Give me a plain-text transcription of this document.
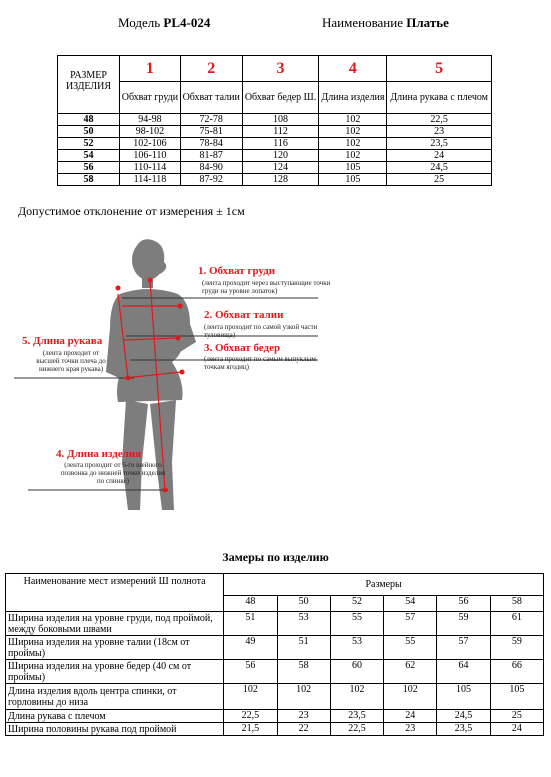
Модель PL4-024	Наименование Платье
РАЗМЕР ИЗДЕЛИЯ	1	2	3	4	5
	Обхват груди	Обхват талии	Обхват бедер Ш.	Длина изделия	Длина рукава с плечом
48	94-98	72-78	108	102	22,5
50	98-102	75-81	112	102	23
52	102-106	78-84	116	102	23,5
54	106-110	81-87	120	102	24
56	110-114	84-90	124	105	24,5
58	114-118	87-92	128	105	25
Допустимое отклонение от измерения ± 1см
1. Обхват груди
(лента проходит через выступающие точки груди на уровне лопаток)
2. Обхват талии
(лента проходит по самой узкой части туловища)
3. Обхват бедер
(лента проходит по самым выпуклым точкам ягодиц)
5. Длина рукава
(лента проходит от высшей точки плеча до нижнего края рукава)
4. Длина изделия
(лента проходит от 6-го шейного позвонка до нижней точки изделия по спинке)
Замеры по изделию
Наименование мест измерений Ш полнота	Размеры					
	48	50	52	54	56	58
Ширина изделия на уровне груди, под проймой, между боковыми швами	51	53	55	57	59	61
Ширина изделия на уровне талии (18см от проймы)	49	51	53	55	57	59
Ширина изделия на уровне бедер (40 см от проймы)	56	58	60	62	64	66
Длина изделия вдоль центра спинки, от горловины до низа	102	102	102	102	105	105
Длина рукава с плечом	22,5	23	23,5	24	24,5	25
Ширина половины рукава под проймой	21,5	22	22,5	23	23,5	24
